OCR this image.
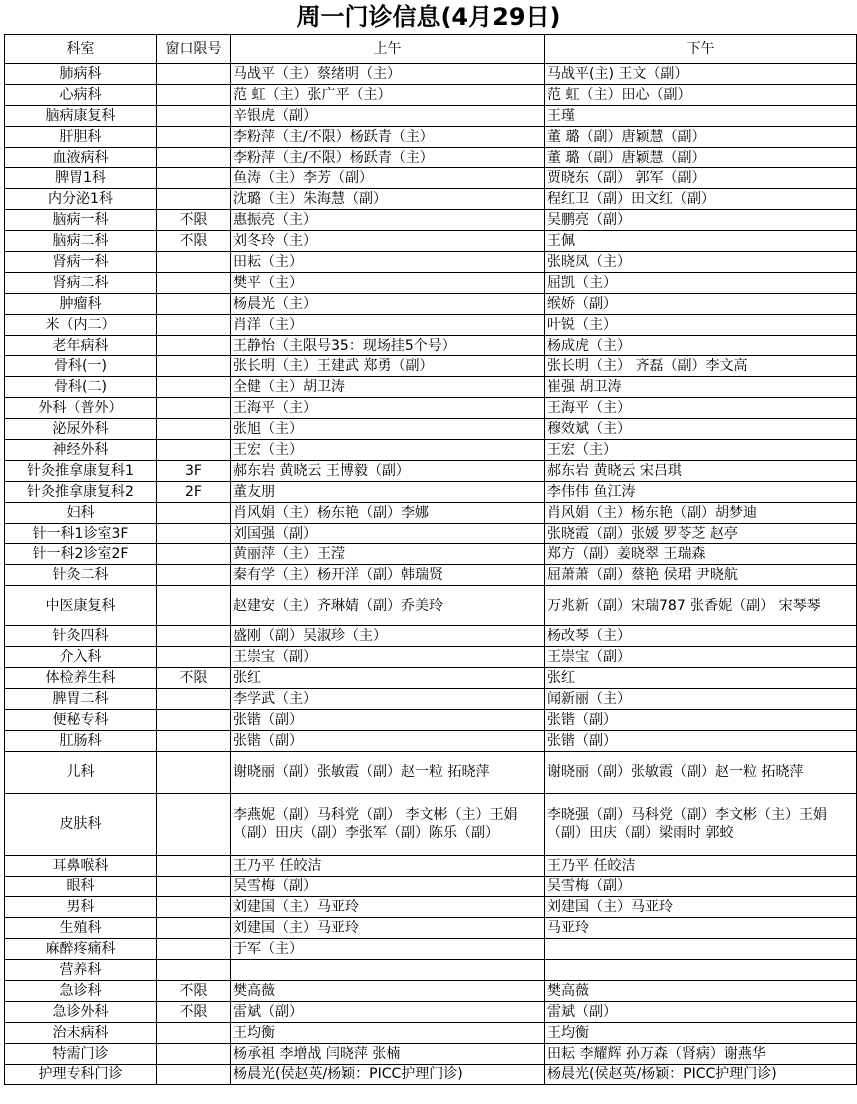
周一门诊信息(4月29日)
科室	窗口限号	上午	下午
肺病科		马战平（主）蔡绪明（主）	马战平(主) 王文（副）
心病科		范 虹（主）张广平（主）	范 虹（主）田心（副）
脑病康复科		辛银虎（副）	王瑾
肝胆科		李粉萍（主/不限）杨跃青（主）	董 璐（副）唐颖慧（副）
血液病科		李粉萍（主/不限）杨跃青（主）	董 璐（副）唐颖慧（副）
脾胃1科		鱼涛（主）李芳（副）	贾晓东（副） 郭军（副）
内分泌1科		沈璐（主）朱海慧（副）	程红卫（副）田文红（副）
脑病一科	不限	惠振亮（主）	吴鹏亮（副）
脑病二科	不限	刘冬玲（主）	王佩
肾病一科		田耘（主）	张晓凤（主）
肾病二科		樊平（主）	屈凯（主）
肿瘤科		杨晨光（主）	缑娇（副）
米（内二）		肖洋（主）	叶锐（主）
老年病科		王静怡（主限号35：现场挂5个号）	杨成虎（主）
骨科(一)		张长明（主）王建武 郑勇（副）	张长明（主） 齐磊（副）李文高
骨科(二)		全健（主）胡卫涛	崔强 胡卫涛
外科（普外）		王海平（主）	王海平（主）
泌尿外科		张旭（主）	穆效斌（主）
神经外科		王宏（主）	王宏（主）
针灸推拿康复科1	3F	郝东岩 黄晓云 王博毅（副）	郝东岩 黄晓云 宋吕琪
针灸推拿康复科2	2F	董友朋	李伟伟 鱼江涛
妇科		肖风娟（主）杨东艳（副）李娜	肖风娟（主）杨东艳（副）胡梦迪
针一科1诊室3F		刘国强（副）	张晓霞（副）张媛 罗苓芝 赵亭
针一科2诊室2F		黄丽萍（主）王滢	郑方（副）姜晓翠 王瑞森
针灸二科		秦有学（主）杨开洋（副）韩瑞贤	屈萧萧（副）蔡艳 侯珺 尹晓航
中医康复科		赵建安（主）齐琳婧（副）乔美玲	万兆新（副）宋瑞787 张香妮（副） 宋琴琴
针灸四科		盛刚（副）吴淑珍（主）	杨改琴（主）
介入科		王崇宝（副）	王崇宝（副）
体检养生科	不限	张红	张红
脾胃二科		李学武（主）	闻新丽（主）
便秘专科		张锴（副）	张锴（副）
肛肠科		张锴（副）	张锴（副）
儿科		谢晓丽（副）张敏霞（副）赵一粒 拓晓萍	谢晓丽（副）张敏霞（副）赵一粒 拓晓萍
皮肤科		李燕妮（副）马科党（副） 李文彬（主）王娟（副）田庆（副）李张军（副）陈乐（副）	李晓强（副）马科党（副）李文彬（主）王娟（副）田庆（副）梁雨时 郭蛟
耳鼻喉科		王乃平 任皎洁	王乃平 任皎洁
眼科		吴雪梅（副）	吴雪梅（副）
男科		刘建国（主）马亚玲	刘建国（主）马亚玲
生殖科		刘建国（主）马亚玲	马亚玲
麻醉疼痛科		于军（主）	
营养科			
急诊科	不限	樊高薇	樊高薇
急诊外科	不限	雷斌（副）	雷斌（副）
治未病科		王均衡	王均衡
特需门诊		杨承祖 李增战 闫晓萍 张楠	田耘 李耀辉 孙万森（肾病）谢燕华
护理专科门诊		杨晨光(侯赵英/杨颖：PICC护理门诊)	杨晨光(侯赵英/杨颖：PICC护理门诊)
